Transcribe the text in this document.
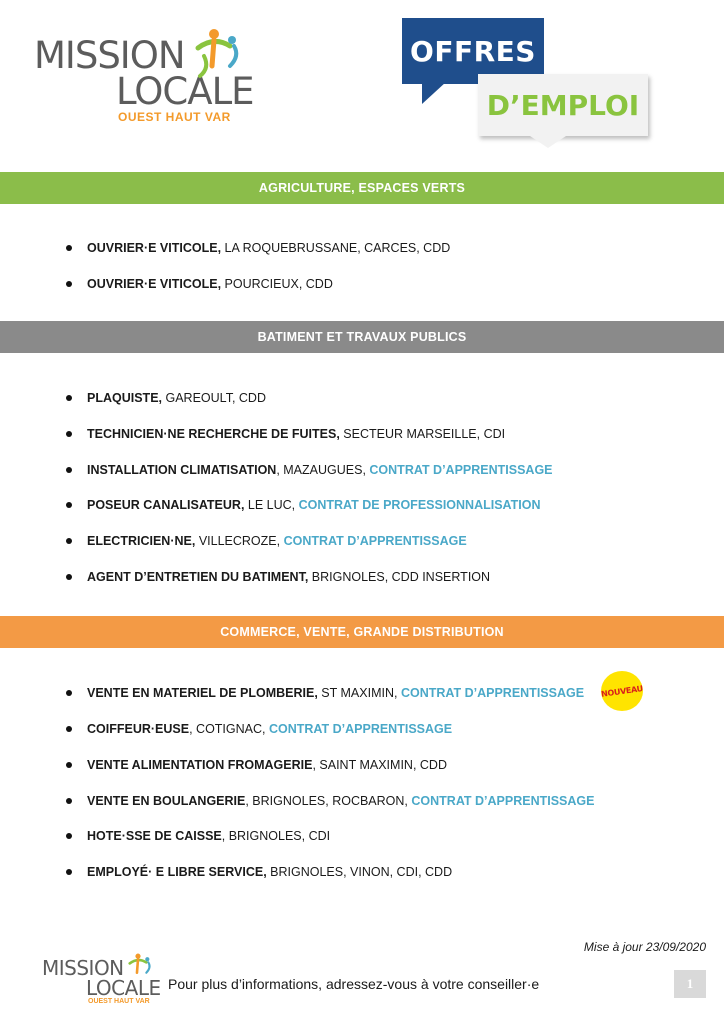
MISSION
LOCALE
OUEST HAUT VAR
OFFRES
D’EMPLOI
AGRICULTURE, ESPACES VERTS
OUVRIER·E VITICOLE, LA ROQUEBRUSSANE, CARCES, CDD
OUVRIER·E VITICOLE, POURCIEUX, CDD
BATIMENT ET TRAVAUX PUBLICS
PLAQUISTE, GAREOULT, CDD
TECHNICIEN·NE RECHERCHE DE FUITES, SECTEUR MARSEILLE, CDI
INSTALLATION CLIMATISATION , MAZAUGUES, CONTRAT D’APPRENTISSAGE
POSEUR CANALISATEUR, LE LUC, CONTRAT DE PROFESSIONNALISATION
ELECTRICIEN·NE, VILLECROZE, CONTRAT D’APPRENTISSAGE
AGENT D’ENTRETIEN DU BATIMENT, BRIGNOLES, CDD INSERTION
COMMERCE, VENTE, GRANDE DISTRIBUTION
VENTE EN MATERIEL DE PLOMBERIE, ST MAXIMIN, CONTRAT D’APPRENTISSAGE NOUVEAU
COIFFEUR·EUSE , COTIGNAC, CONTRAT D’APPRENTISSAGE
VENTE ALIMENTATION FROMAGERIE , SAINT MAXIMIN, CDD
VENTE EN BOULANGERIE , BRIGNOLES, ROCBARON, CONTRAT D’APPRENTISSAGE
HOTE·SSE DE CAISSE , BRIGNOLES, CDI
EMPLOYÉ· E LIBRE SERVICE, BRIGNOLES, VINON, CDI, CDD
Mise à jour 23/09/2020
MISSION
LOCALE
OUEST HAUT VAR
Pour plus d’informations, adressez-vous à votre conseiller·e	1
